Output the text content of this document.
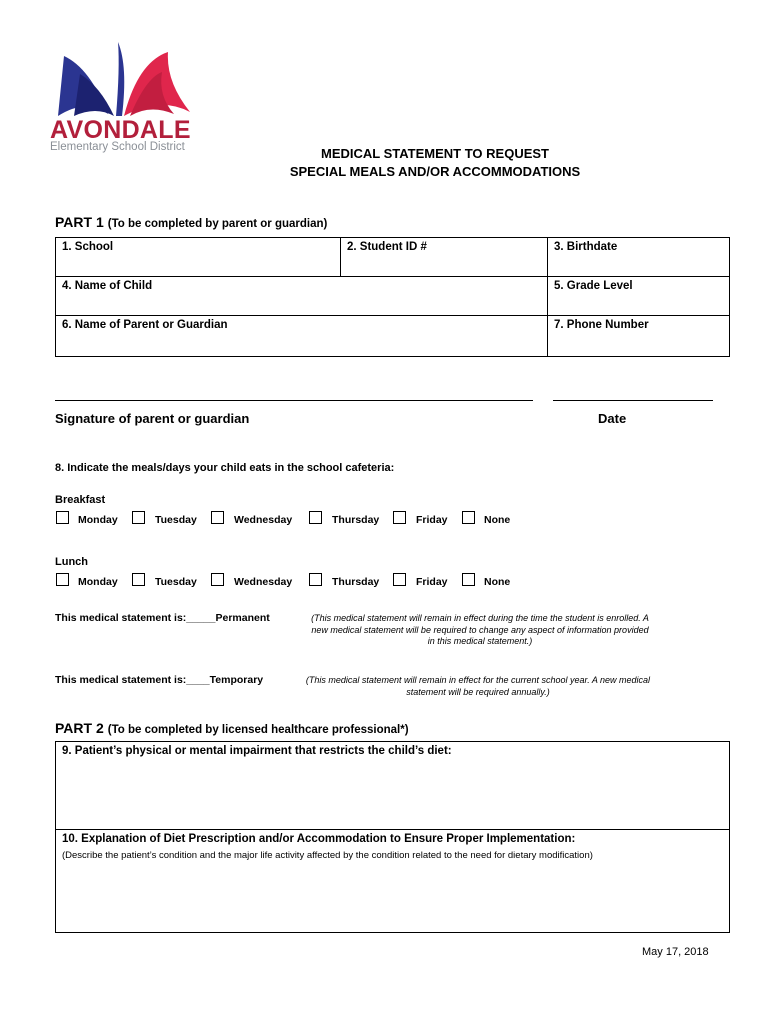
AVONDALE
Elementary School District	MEDICAL STATEMENT TO REQUEST
SPECIAL MEALS AND/OR ACCOMMODATIONS
PART 1 (To be completed by parent or guardian)
1. School	2. Student ID #	3. Birthdate
4. Name of Child		5. Grade Level
6. Name of Parent or Guardian		7. Phone Number
Signature of parent or guardian	Date
8. Indicate the meals/days your child eats in the school cafeteria:
Breakfast
Monday	Tuesday	Wednesday	Thursday	Friday	None
Lunch
Monday	Tuesday	Wednesday	Thursday	Friday	None
This medical statement is:_____Permanent	(This medical statement will remain in effect during the time the student is enrolled. A
new medical statement will be required to change any aspect of information provided
in this medical statement.)
This medical statement is:____Temporary	(This medical statement will remain in effect for the current school year. A new medical
statement will be required annually.)
PART 2 (To be completed by licensed healthcare professional*)
9. Patient’s physical or mental impairment that restricts the child’s diet:
10. Explanation of Diet Prescription and/or Accommodation to Ensure Proper Implementation:
(Describe the patient’s condition and the major life activity affected by the condition related to the need for dietary modification)
May 17, 2018
